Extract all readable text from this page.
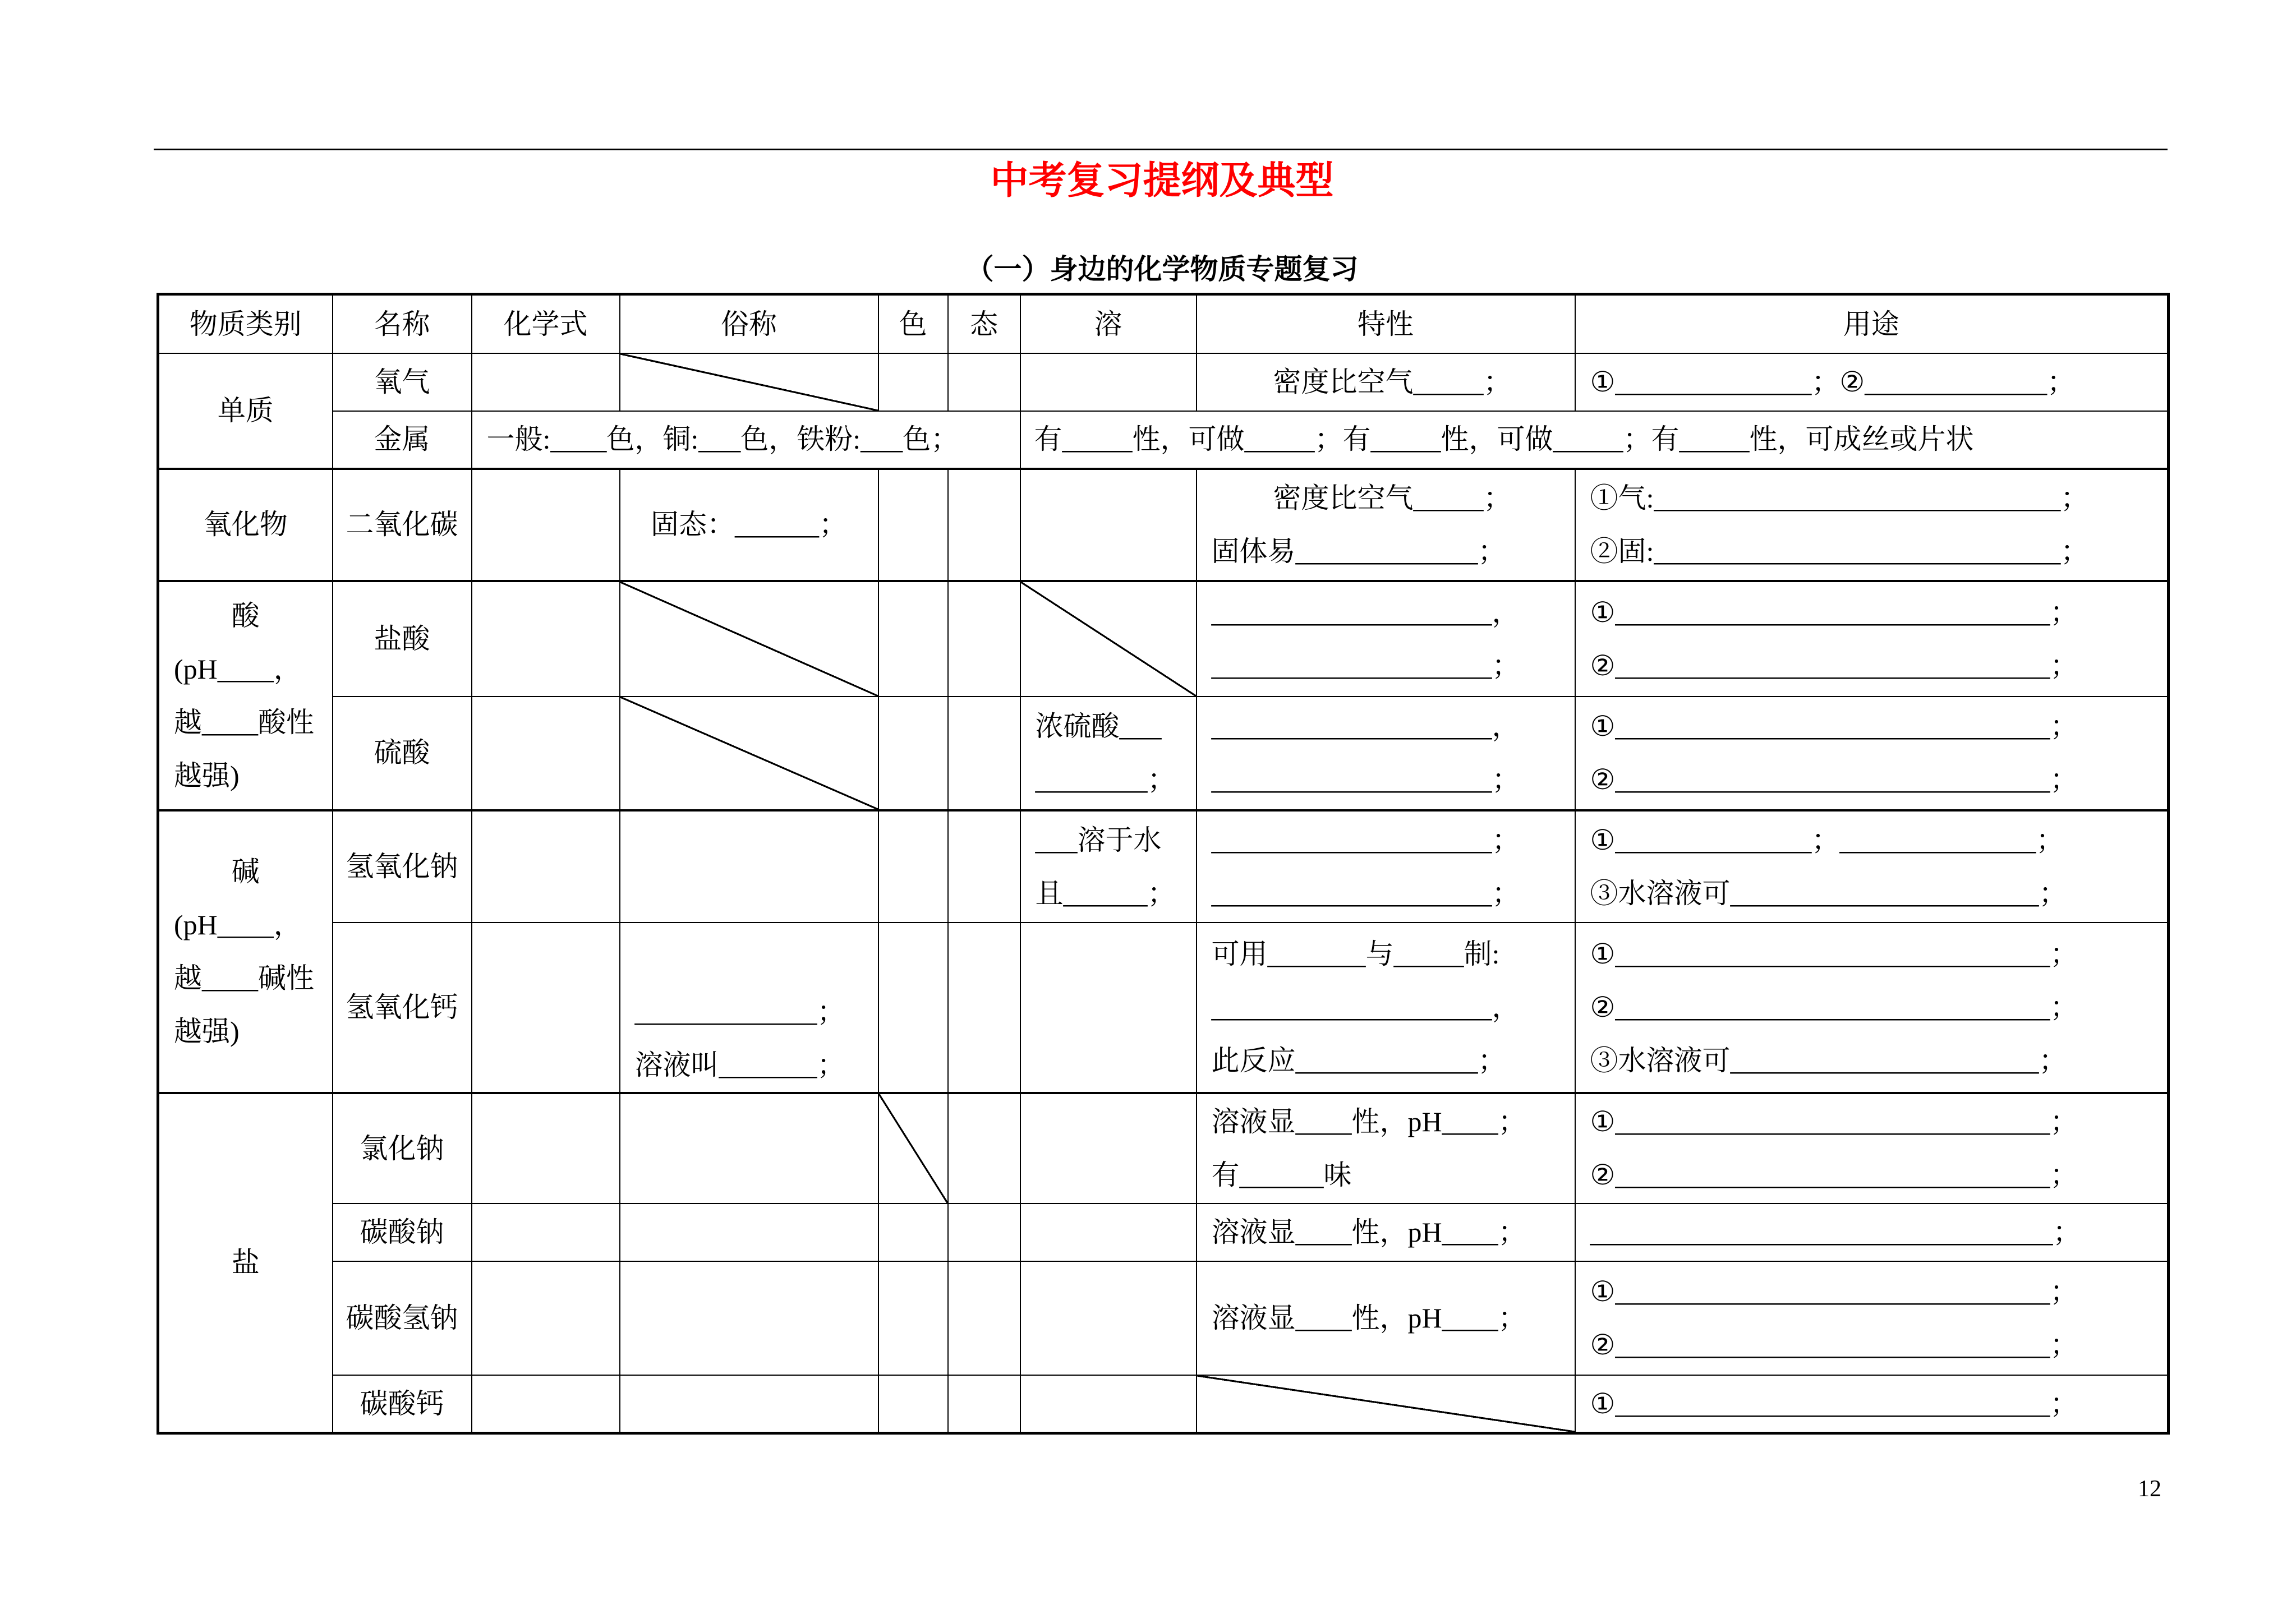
中考复习提纲及典型
（一）身边的化学物质专题复习
物质类别	名称	化学式	俗称	色	态	溶	特性	用途
单质	氧气						密度比空气_____；	①______________；②_____________；
	金属	一般:____色，铜:___色，铁粉:___色；				有_____性，可做_____；有_____性，可做_____；有_____性，可成丝或片状		
氧化物	二氧化碳		固态：______；				密度比空气_____；
固体易_____________；	①气:_____________________________；
②固:_____________________________；

酸
(pH____，
越____酸性
越强)	盐酸						____________________，
____________________；	①_______________________________；
②_______________________________；

	硫酸					浓硫酸___
________；	____________________，
____________________；	①_______________________________；
②_______________________________；

碱
(pH____，
越____碱性
越强)	氢氧化钠					___溶于水
且______；	____________________；
____________________；	①______________；______________；
③水溶液可______________________；

	氢氧化钙		_____________；
溶液叫_______；				可用_______与_____制:
____________________，
此反应_____________；	①_______________________________；
②_______________________________；
③水溶液可______________________；

盐	氯化钠						溶液显____性，pH____；
有______味	①_______________________________；
②_______________________________；

	碳酸钠						溶液显____性，pH____；	_________________________________；
	碳酸氢钠						溶液显____性，pH____；	①_______________________________；
②_______________________________；

	碳酸钙							①_______________________________；
12
